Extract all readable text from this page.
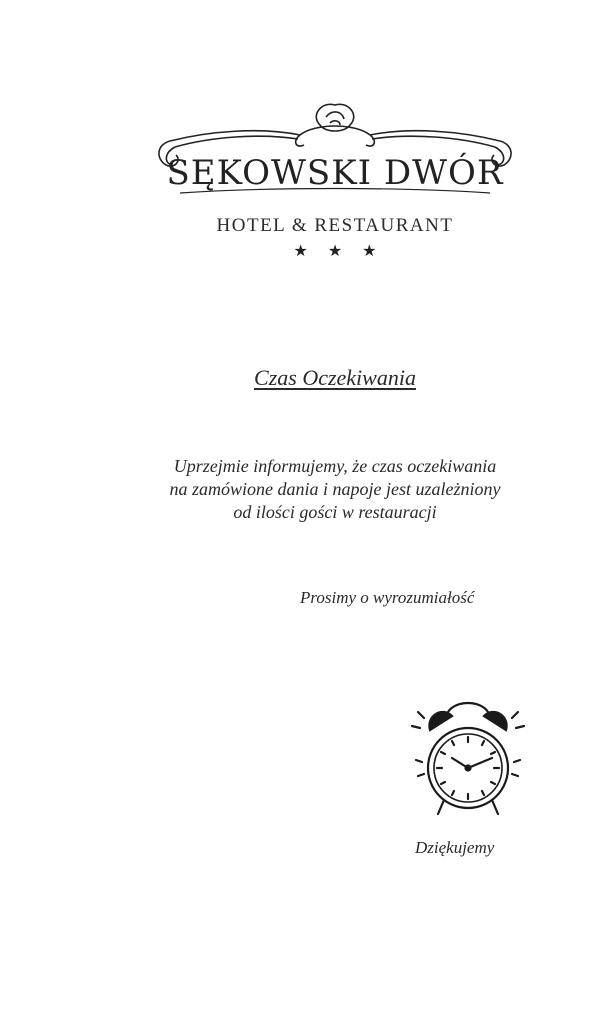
SĘKOWSKI DWÓR
HOTEL & RESTAURANT
★★★
Czas Oczekiwania
Uprzejmie informujemy, że czas oczekiwania
na zamówione dania i napoje jest uzależniony
od ilości gości w restauracji
Prosimy o wyrozumiałość
Dziękujemy
